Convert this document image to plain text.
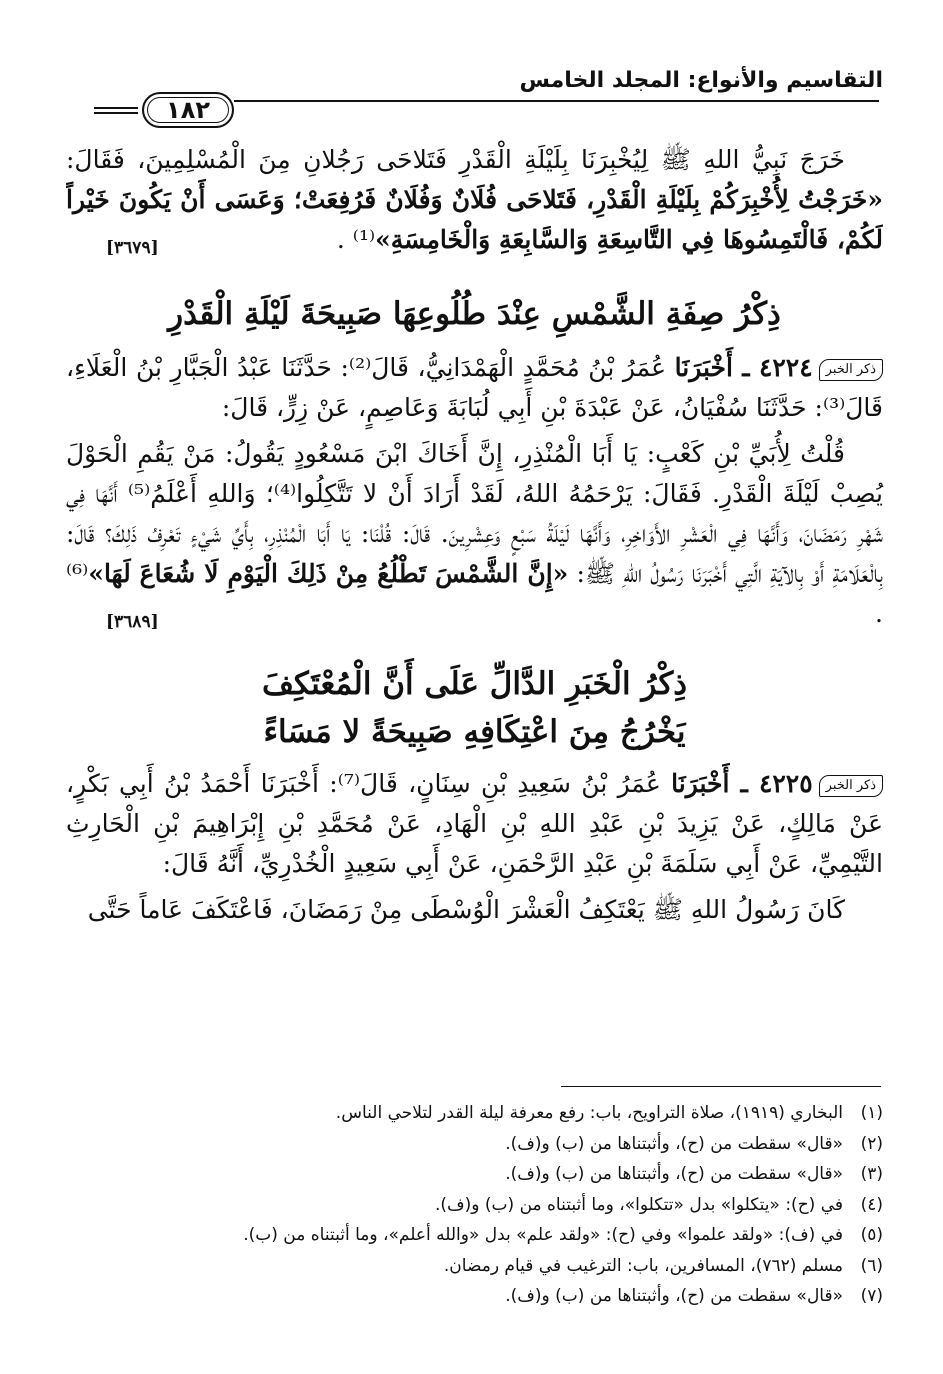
التقاسيم والأنواع: المجلد الخامس
١٨٢

خَرَجَ نَبِيُّ اللهِ ﷺ لِيُخْبِرَنَا بِلَيْلَةِ الْقَدْرِ فَتَلاحَى رَجُلانِ مِنَ الْمُسْلِمِينَ، فَقَالَ: «خَرَجْتُ لِأُخْبِرَكُمْ بِلَيْلَةِ الْقَدْرِ، فَتَلاحَى فُلَانٌ وَفُلَانٌ فَرُفِعَتْ؛ وَعَسَى أَنْ يَكُونَ خَيْراً لَكُمْ، فَالْتَمِسُوهَا فِي التَّاسِعَةِ وَالسَّابِعَةِ وَالْخَامِسَةِ»⁽¹⁾ .
[٣٦٧٩]

ذِكْرُ صِفَةِ الشَّمْسِ عِنْدَ طُلُوعِهَا صَبِيحَةَ لَيْلَةِ الْقَدْرِ

ذكر الخبر٤٢٢٤ ـ أَخْبَرَنَا عُمَرُ بْنُ مُحَمَّدٍ الْهَمْدَانِيُّ، قَالَ⁽²⁾: حَدَّثَنَا عَبْدُ الْجَبَّارِ بْنُ الْعَلَاءِ، قَالَ⁽³⁾: حَدَّثَنَا سُفْيَانُ، عَنْ عَبْدَةَ بْنِ أَبِي لُبَابَةَ وَعَاصِمٍ، عَنْ زِرٍّ، قَالَ:

قُلْتُ لِأُبَيِّ بْنِ كَعْبٍ: يَا أَبَا الْمُنْذِرِ، إِنَّ أَخَاكَ ابْنَ مَسْعُودٍ يَقُولُ: مَنْ يَقُمِ الْحَوْلَ يُصِبْ لَيْلَةَ الْقَدْرِ. فَقَالَ: يَرْحَمُهُ اللهُ، لَقَدْ أَرَادَ أَنْ لا تَتَّكِلُوا⁽⁴⁾؛ وَاللهِ أَعْلَمُ⁽⁵⁾ أَنَّهَا فِي شَهْرِ رَمَضَانَ، وَأَنَّهَا فِي الْعَشْرِ الأَوَاخِرِ، وَأَنَّهَا لَيْلَةُ سَبْعٍ وَعِشْرِينَ. قَالَ: قُلْنَا: يَا أَبَا الْمُنْذِرِ، بِأَيِّ شَيْءٍ تَعْرِفُ ذَلِكَ؟ قَالَ: بِالْعَلَامَةِ أَوْ بِالآيَةِ الَّتِي أَخْبَرَنَا رَسُولُ اللهِ ﷺ: «إِنَّ الشَّمْسَ تَطْلُعُ مِنْ ذَلِكَ الْيَوْمِ لَا شُعَاعَ لَهَا»⁽⁶⁾ .
[٣٦٨٩]

ذِكْرُ الْخَبَرِ الدَّالِّ عَلَى أَنَّ الْمُعْتَكِفَ
يَخْرُجُ مِنَ اعْتِكَافِهِ صَبِيحَةً لا مَسَاءً

ذكر الخبر٤٢٢٥ ـ أَخْبَرَنَا عُمَرُ بْنُ سَعِيدِ بْنِ سِنَانٍ، قَالَ⁽⁷⁾: أَخْبَرَنَا أَحْمَدُ بْنُ أَبِي بَكْرٍ، عَنْ مَالِكٍ، عَنْ يَزِيدَ بْنِ عَبْدِ اللهِ بْنِ الْهَادِ، عَنْ مُحَمَّدِ بْنِ إِبْرَاهِيمَ بْنِ الْحَارِثِ التَّيْمِيِّ، عَنْ أَبِي سَلَمَةَ بْنِ عَبْدِ الرَّحْمَنِ، عَنْ أَبِي سَعِيدٍ الْخُدْرِيِّ، أَنَّهُ قَالَ:

كَانَ رَسُولُ اللهِ ﷺ يَعْتَكِفُ الْعَشْرَ الْوُسْطَى مِنْ رَمَضَانَ، فَاعْتَكَفَ عَاماً حَتَّى

(١)البخاري (١٩١٩)، صلاة التراويح، باب: رفع معرفة ليلة القدر لتلاحي الناس.
(٢)«قال» سقطت من (ح)، وأثبتناها من (ب) و(ف).
(٣)«قال» سقطت من (ح)، وأثبتناها من (ب) و(ف).
(٤)في (ح): «يتكلوا» بدل «تتكلوا»، وما أثبتناه من (ب) و(ف).
(٥)في (ف): «ولقد علموا» وفي (ح): «ولقد علم» بدل «والله أعلم»، وما أثبتناه من (ب).
(٦)مسلم (٧٦٢)، المسافرين، باب: الترغيب في قيام رمضان.
(٧)«قال» سقطت من (ح)، وأثبتناها من (ب) و(ف).
